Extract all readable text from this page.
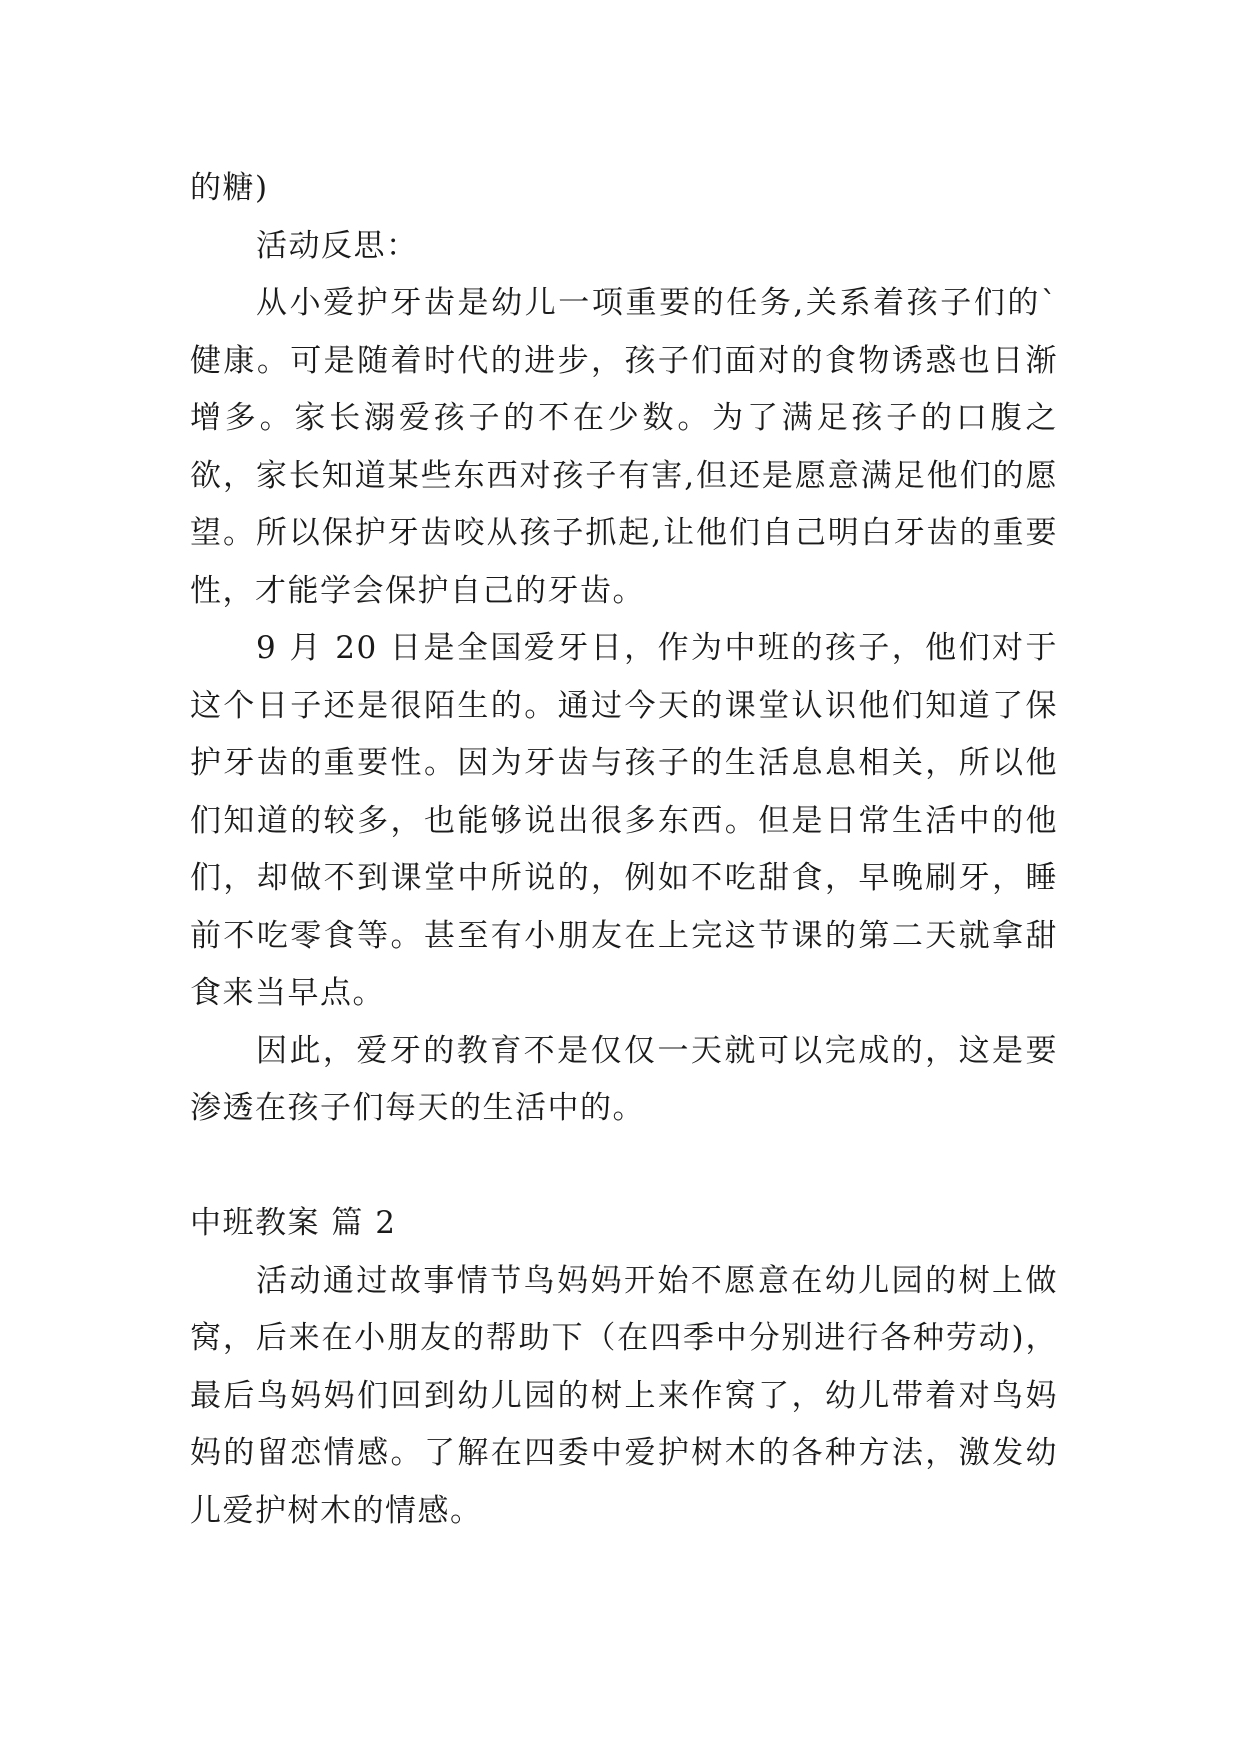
的糖)

活动反思：

从小爱护牙齿是幼儿一项重要的任务,关系着孩子们的`健康。可是随着时代的进步，孩子们面对的食物诱惑也日渐增多。家长溺爱孩子的不在少数。为了满足孩子的口腹之欲，家长知道某些东西对孩子有害,但还是愿意满足他们的愿望。所以保护牙齿咬从孩子抓起,让他们自己明白牙齿的重要性，才能学会保护自己的牙齿。

9 月 20 日是全国爱牙日，作为中班的孩子，他们对于这个日子还是很陌生的。通过今天的课堂认识他们知道了保护牙齿的重要性。因为牙齿与孩子的生活息息相关，所以他们知道的较多，也能够说出很多东西。但是日常生活中的他们，却做不到课堂中所说的，例如不吃甜食，早晚刷牙，睡前不吃零食等。甚至有小朋友在上完这节课的第二天就拿甜食来当早点。

因此，爱牙的教育不是仅仅一天就可以完成的，这是要渗透在孩子们每天的生活中的。

中班教案 篇 2

活动通过故事情节鸟妈妈开始不愿意在幼儿园的树上做窝，后来在小朋友的帮助下（在四季中分别进行各种劳动)，最后鸟妈妈们回到幼儿园的树上来作窝了，幼儿带着对鸟妈妈的留恋情感。了解在四委中爱护树木的各种方法，激发幼儿爱护树木的情感。
